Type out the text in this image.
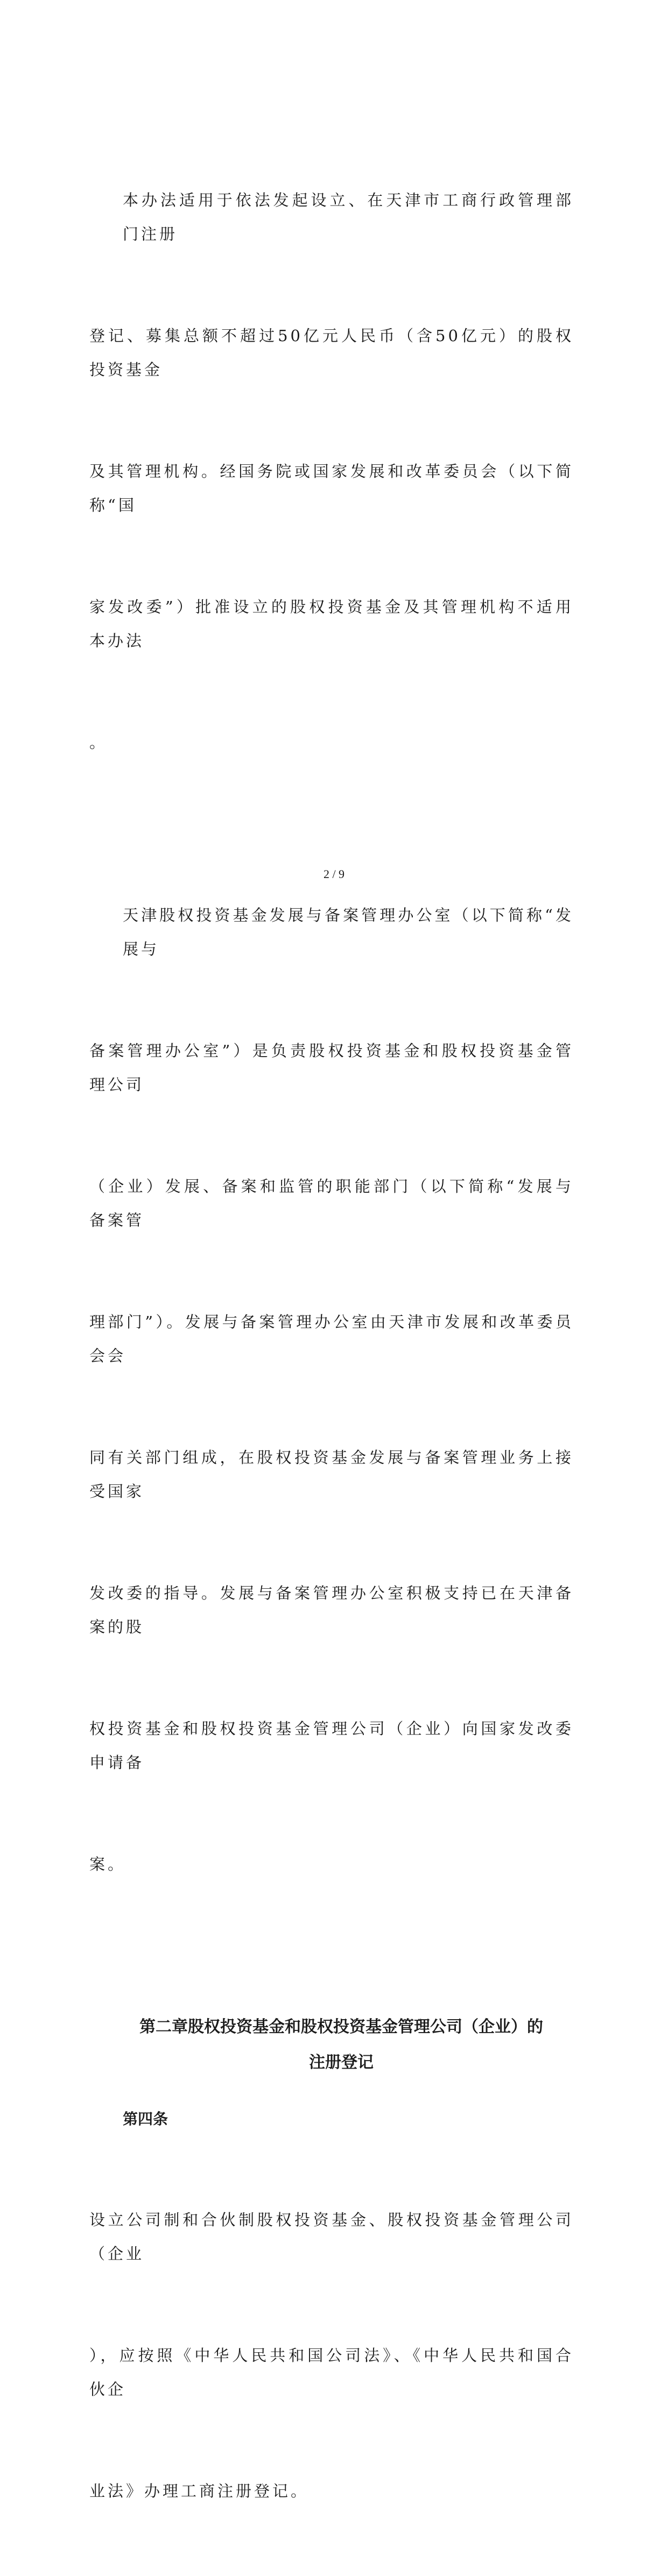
本办法适用于依法发起设立、在天津市工商行政管理部门注册

登记、募集总额不超过50亿元人民币（含50亿元）的股权投资基金

及其管理机构。经国务院或国家发展和改革委员会（以下简称“国

家发改委”）批准设立的股权投资基金及其管理机构不适用本办法

。

天津股权投资基金发展与备案管理办公室（以下简称“发展与

备案管理办公室”）是负责股权投资基金和股权投资基金管理公司

（企业）发展、备案和监管的职能部门（以下简称“发展与备案管

理部门”）。发展与备案管理办公室由天津市发展和改革委员会会

同有关部门组成，在股权投资基金发展与备案管理业务上接受国家

发改委的指导。发展与备案管理办公室积极支持已在天津备案的股

权投资基金和股权投资基金管理公司（企业）向国家发改委申请备

案。

第二章股权投资基金和股权投资基金管理公司（企业）的
注册登记
第四条

设立公司制和合伙制股权投资基金、股权投资基金管理公司（企业

），应按照《中华人民共和国公司法》、《中华人民共和国合伙企

业法》办理工商注册登记。

2 / 9
